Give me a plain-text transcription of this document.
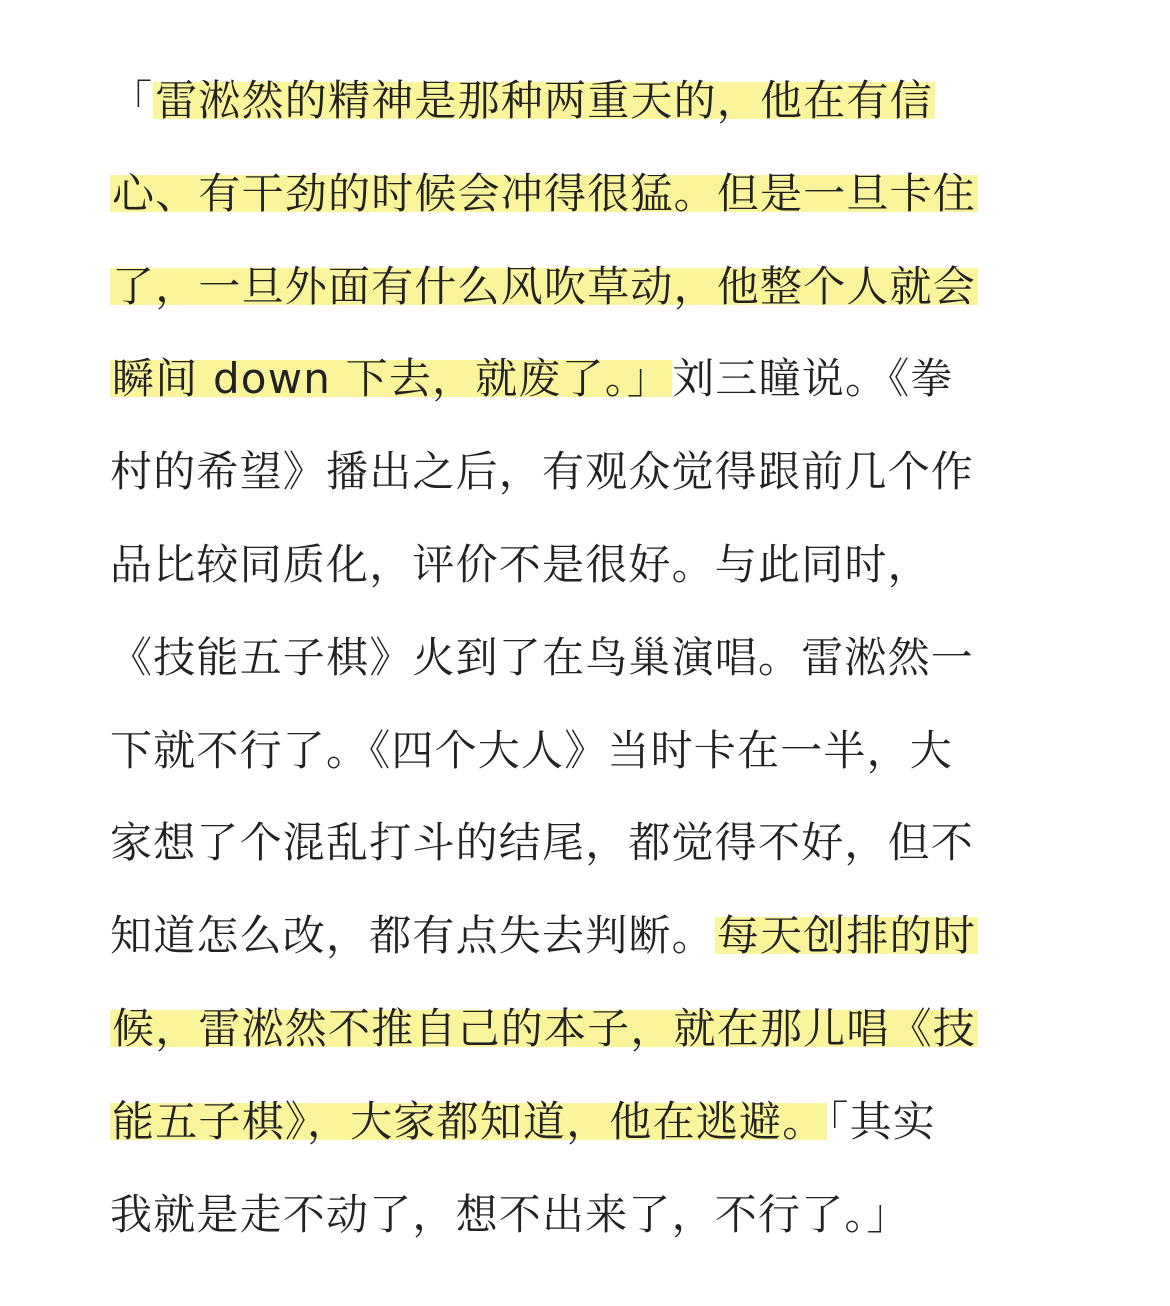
「雷淞然的精神是那种两重天的，他在有信
心、有干劲的时候会冲得很猛。但是一旦卡住
了，一旦外面有什么风吹草动，他整个人就会
瞬间 down 下去，就废了。」刘三瞳说。《拳
村的希望》播出之后，有观众觉得跟前几个作
品比较同质化，评价不是很好。与此同时，
《技能五子棋》火到了在鸟巢演唱。雷淞然一
下就不行了。《四个大人》当时卡在一半，大
家想了个混乱打斗的结尾，都觉得不好，但不
知道怎么改，都有点失去判断。每天创排的时
候，雷淞然不推自己的本子，就在那儿唱《技
能五子棋》，大家都知道，他在逃避。「其实
我就是走不动了，想不出来了，不行了。」
